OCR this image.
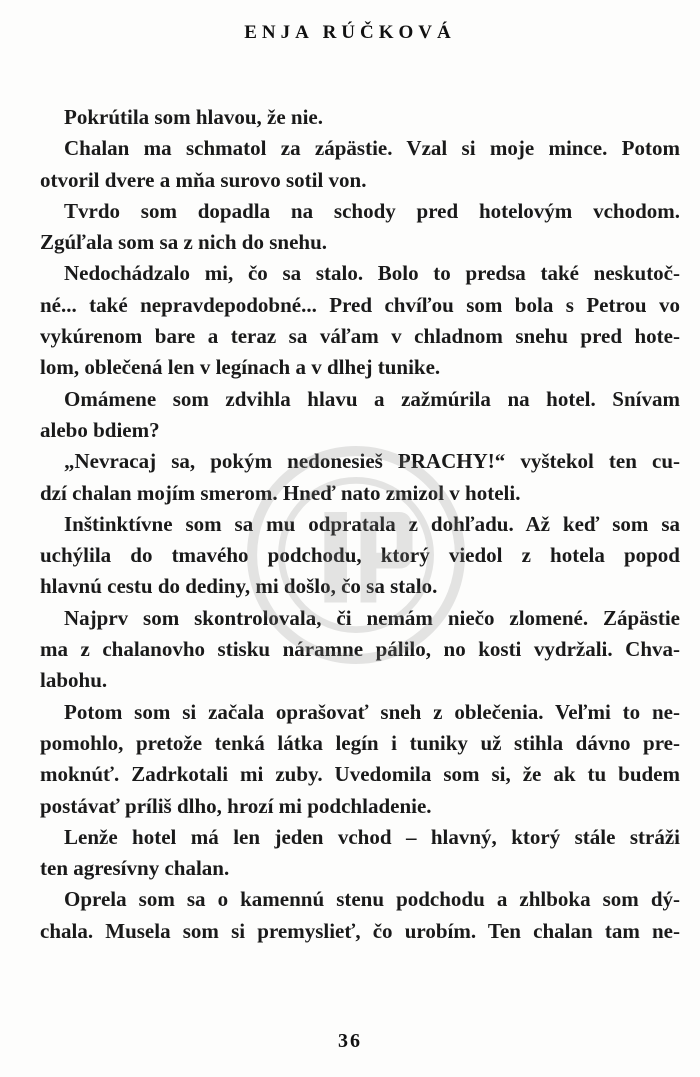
ENJA RÚČKOVÁ
Pokrútila som hlavou, že nie.
Chalan ma schmatol za zápästie. Vzal si moje mince. Potom
otvoril dvere a mňa surovo sotil von.
Tvrdo som dopadla na schody pred hotelovým vchodom.
Zgúľala som sa z nich do snehu.
Nedochádzalo mi, čo sa stalo. Bolo to predsa také neskutoč-
né... také nepravdepodobné... Pred chvíľou som bola s Petrou vo
vykúrenom bare a teraz sa váľam v chladnom snehu pred hote-
lom, oblečená len v legínach a v dlhej tunike.
Omámene som zdvihla hlavu a zažmúrila na hotel. Snívam
alebo bdiem?
„Nevracaj sa, pokým nedonesieš PRACHY!“ vyštekol ten cu-
dzí chalan mojím smerom. Hneď nato zmizol v hoteli.
Inštinktívne som sa mu odpratala z dohľadu. Až keď som sa
uchýlila do tmavého podchodu, ktorý viedol z hotela popod
hlavnú cestu do dediny, mi došlo, čo sa stalo.
Najprv som skontrolovala, či nemám niečo zlomené. Zápästie
ma z chalanovho stisku náramne pálilo, no kosti vydržali. Chva-
labohu.
Potom som si začala oprašovať sneh z oblečenia. Veľmi to ne-
pomohlo, pretože tenká látka legín i tuniky už stihla dávno pre-
moknúť. Zadrkotali mi zuby. Uvedomila som si, že ak tu budem
postávať príliš dlho, hrozí mi podchladenie.
Lenže hotel má len jeden vchod – hlavný, ktorý stále stráži
ten agresívny chalan.
Oprela som sa o kamennú stenu podchodu a zhlboka som dý-
chala. Musela som si premyslieť, čo urobím. Ten chalan tam ne-
36
